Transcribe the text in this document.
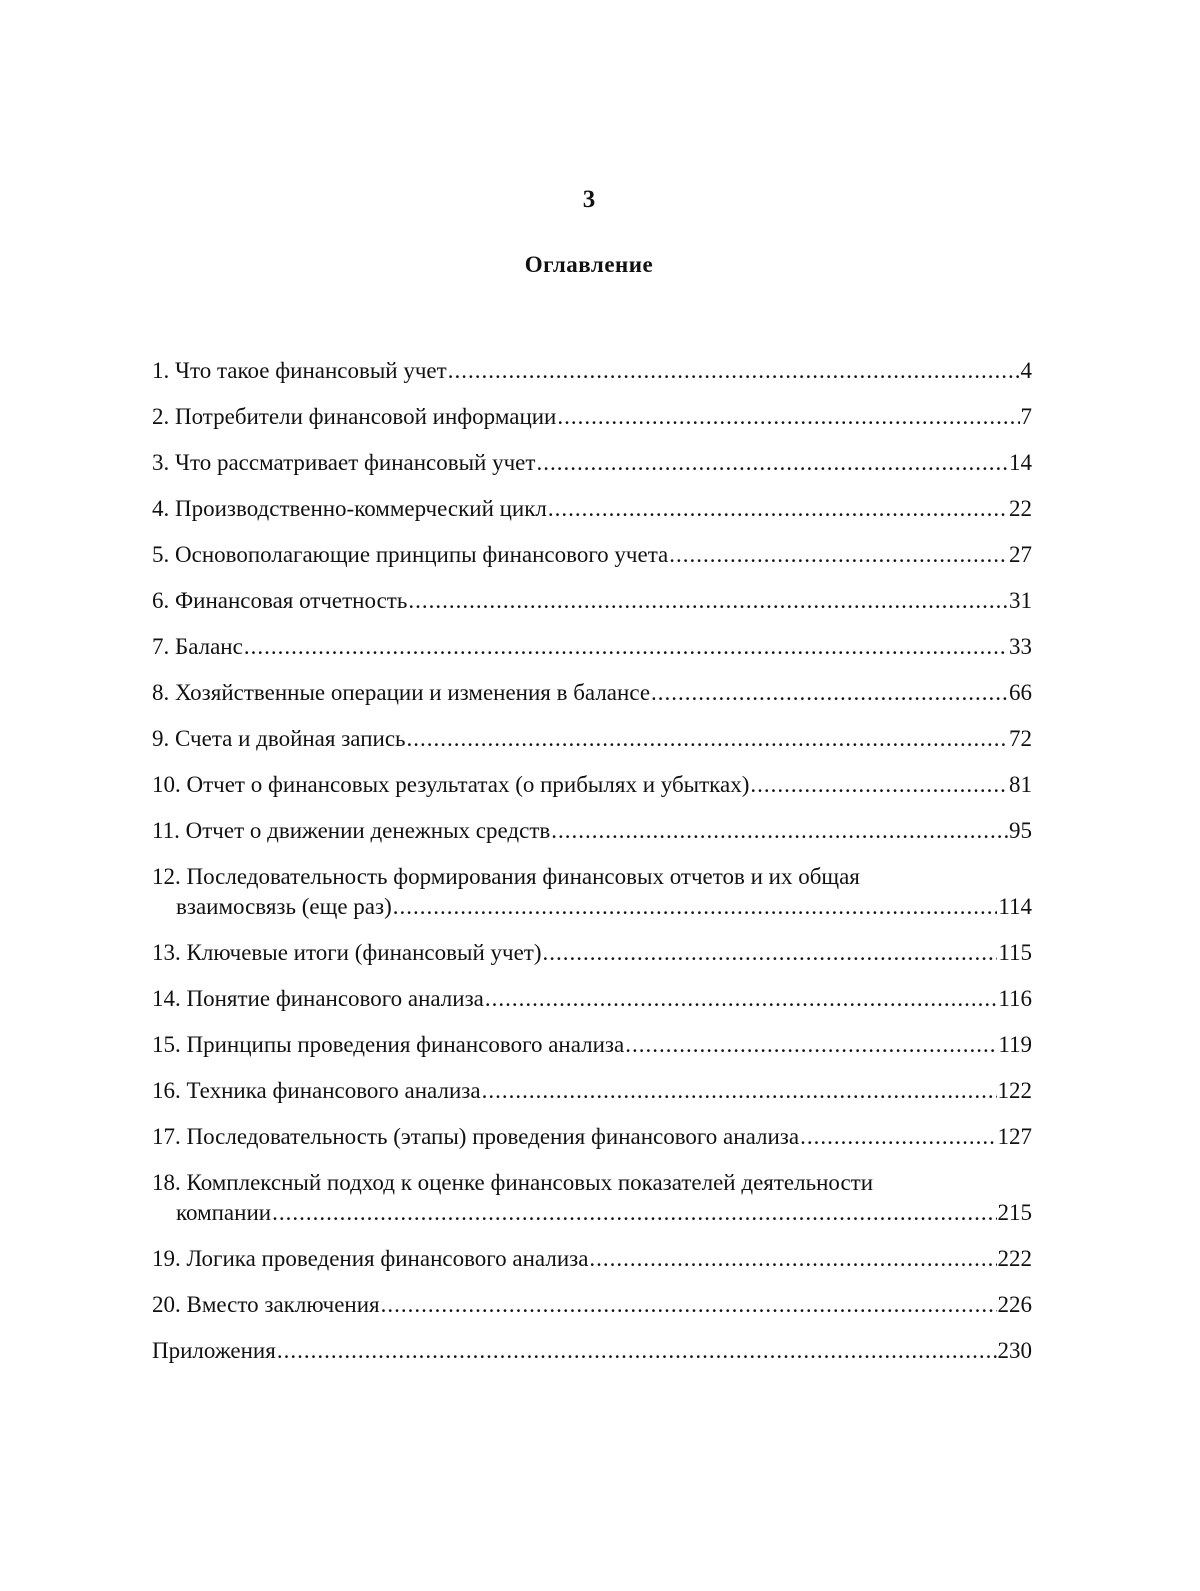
3
Оглавление
1. Что такое финансовый учет .....	4
2. Потребители финансовой информации .....	7
3. Что рассматривает финансовый учет .....	14
4. Производственно-коммерческий цикл .....	22
5. Основополагающие принципы финансового учета .....	27
6. Финансовая отчетность .....	31
7. Баланс .....	33
8. Хозяйственные операции и изменения в балансе .....	66
9. Счета и двойная запись .....	72
10. Отчет о финансовых результатах (о прибылях и убытках) .....	81
11. Отчет о движении денежных средств .....	95
12. Последовательность формирования финансовых отчетов и их общая
взаимосвязь (еще раз) .....	114
13. Ключевые итоги (финансовый учет) .....	115
14. Понятие финансового анализа .....	116
15. Принципы проведения финансового анализа .....	119
16. Техника финансового анализа .....	122
17. Последовательность (этапы) проведения финансового анализа .....	127
18. Комплексный подход к оценке финансовых показателей деятельности
компании .....	215
19. Логика проведения финансового анализа .....	222
20. Вместо заключения .....	226
Приложения .....	230
